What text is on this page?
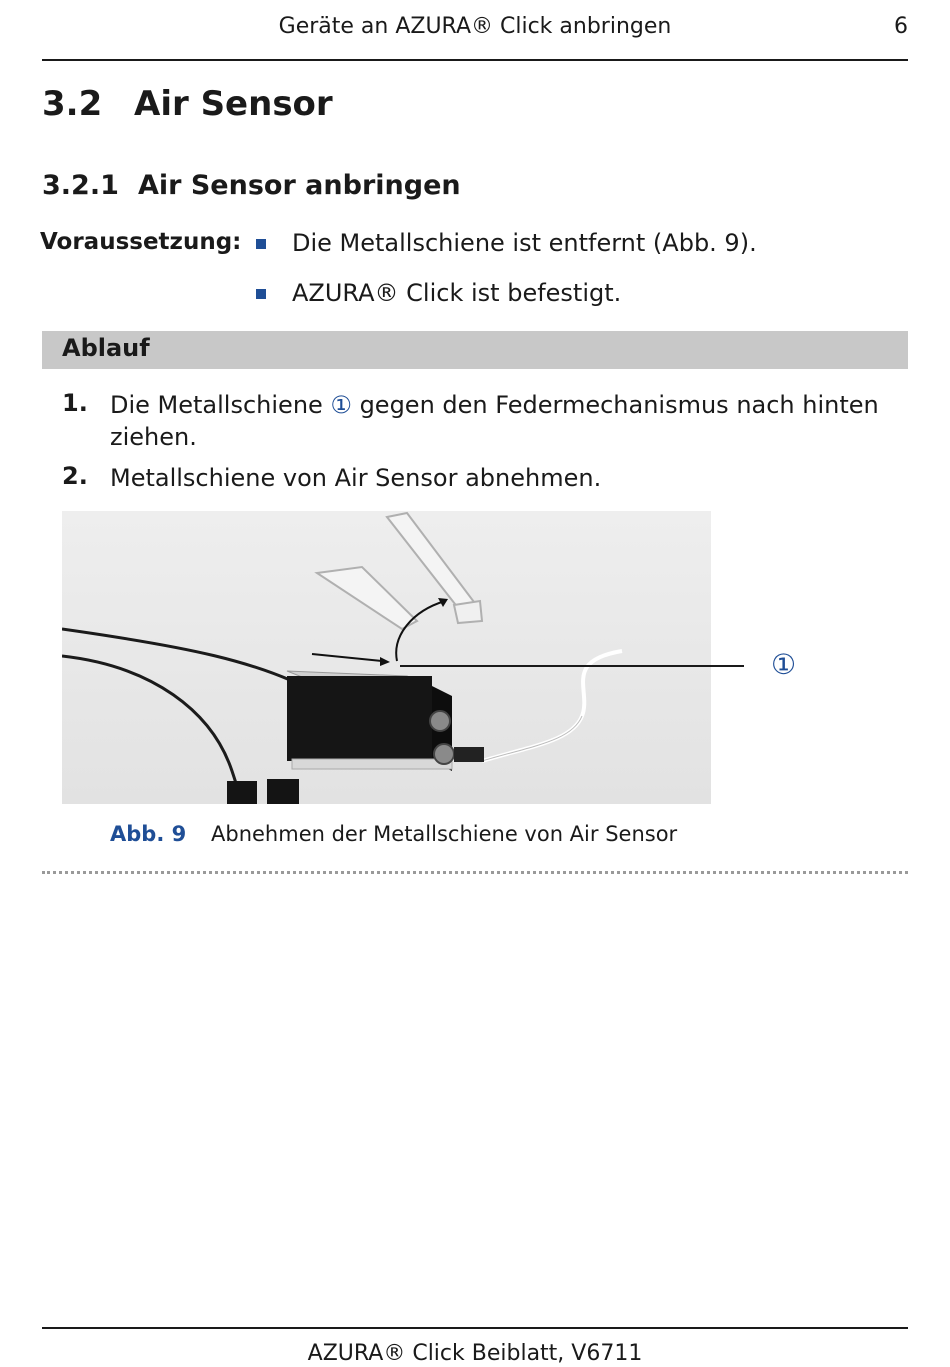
Geräte an AZURA® Click anbringen	6
3.2 Air Sensor
3.2.1 Air Sensor anbringen
Voraussetzung: Die Metallschiene ist entfernt (Abb. 9).
AZURA® Click ist befestigt.
Ablauf
1. Die Metallschiene ① gegen den Federmechanismus nach hinten ziehen.
2. Metallschiene von Air Sensor abnehmen.
①
Abb. 9 Abnehmen der Metallschiene von Air Sensor
AZURA® Click Beiblatt, V6711
